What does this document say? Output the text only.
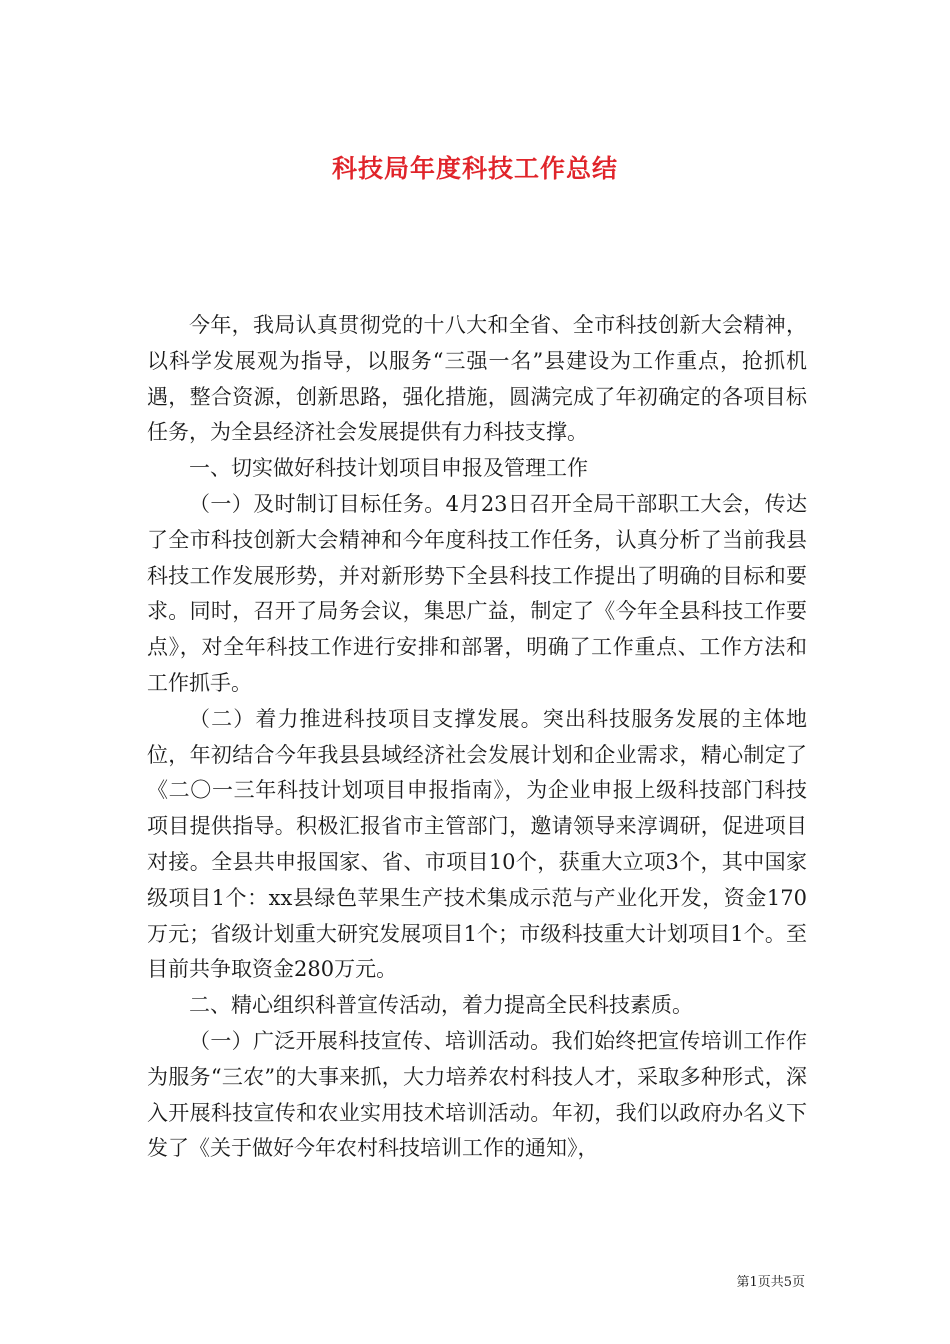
科技局年度科技工作总结

今年，我局认真贯彻党的十八大和全省、全市科技创新大会精神，以科学发展观为指导，以服务“三强一名”县建设为工作重点，抢抓机遇，整合资源，创新思路，强化措施，圆满完成了年初确定的各项目标任务，为全县经济社会发展提供有力科技支撑。

一、切实做好科技计划项目申报及管理工作

（一）及时制订目标任务。4月23日召开全局干部职工大会，传达了全市科技创新大会精神和今年度科技工作任务，认真分析了当前我县科技工作发展形势，并对新形势下全县科技工作提出了明确的目标和要求。同时，召开了局务会议，集思广益，制定了《今年全县科技工作要点》，对全年科技工作进行安排和部署，明确了工作重点、工作方法和工作抓手。

（二）着力推进科技项目支撑发展。突出科技服务发展的主体地位，年初结合今年我县县域经济社会发展计划和企业需求，精心制定了《二〇一三年科技计划项目申报指南》，为企业申报上级科技部门科技项目提供指导。积极汇报省市主管部门，邀请领导来淳调研，促进项目对接。全县共申报国家、省、市项目10个，获重大立项3个，其中国家级项目1个：xx县绿色苹果生产技术集成示范与产业化开发，资金170万元；省级计划重大研究发展项目1个；市级科技重大计划项目1个。至目前共争取资金280万元。

二、精心组织科普宣传活动，着力提高全民科技素质。

（一）广泛开展科技宣传、培训活动。我们始终把宣传培训工作作为服务“三农”的大事来抓，大力培养农村科技人才，采取多种形式，深入开展科技宣传和农业实用技术培训活动。年初，我们以政府办名义下发了《关于做好今年农村科技培训工作的通知》，

第1页共5页
